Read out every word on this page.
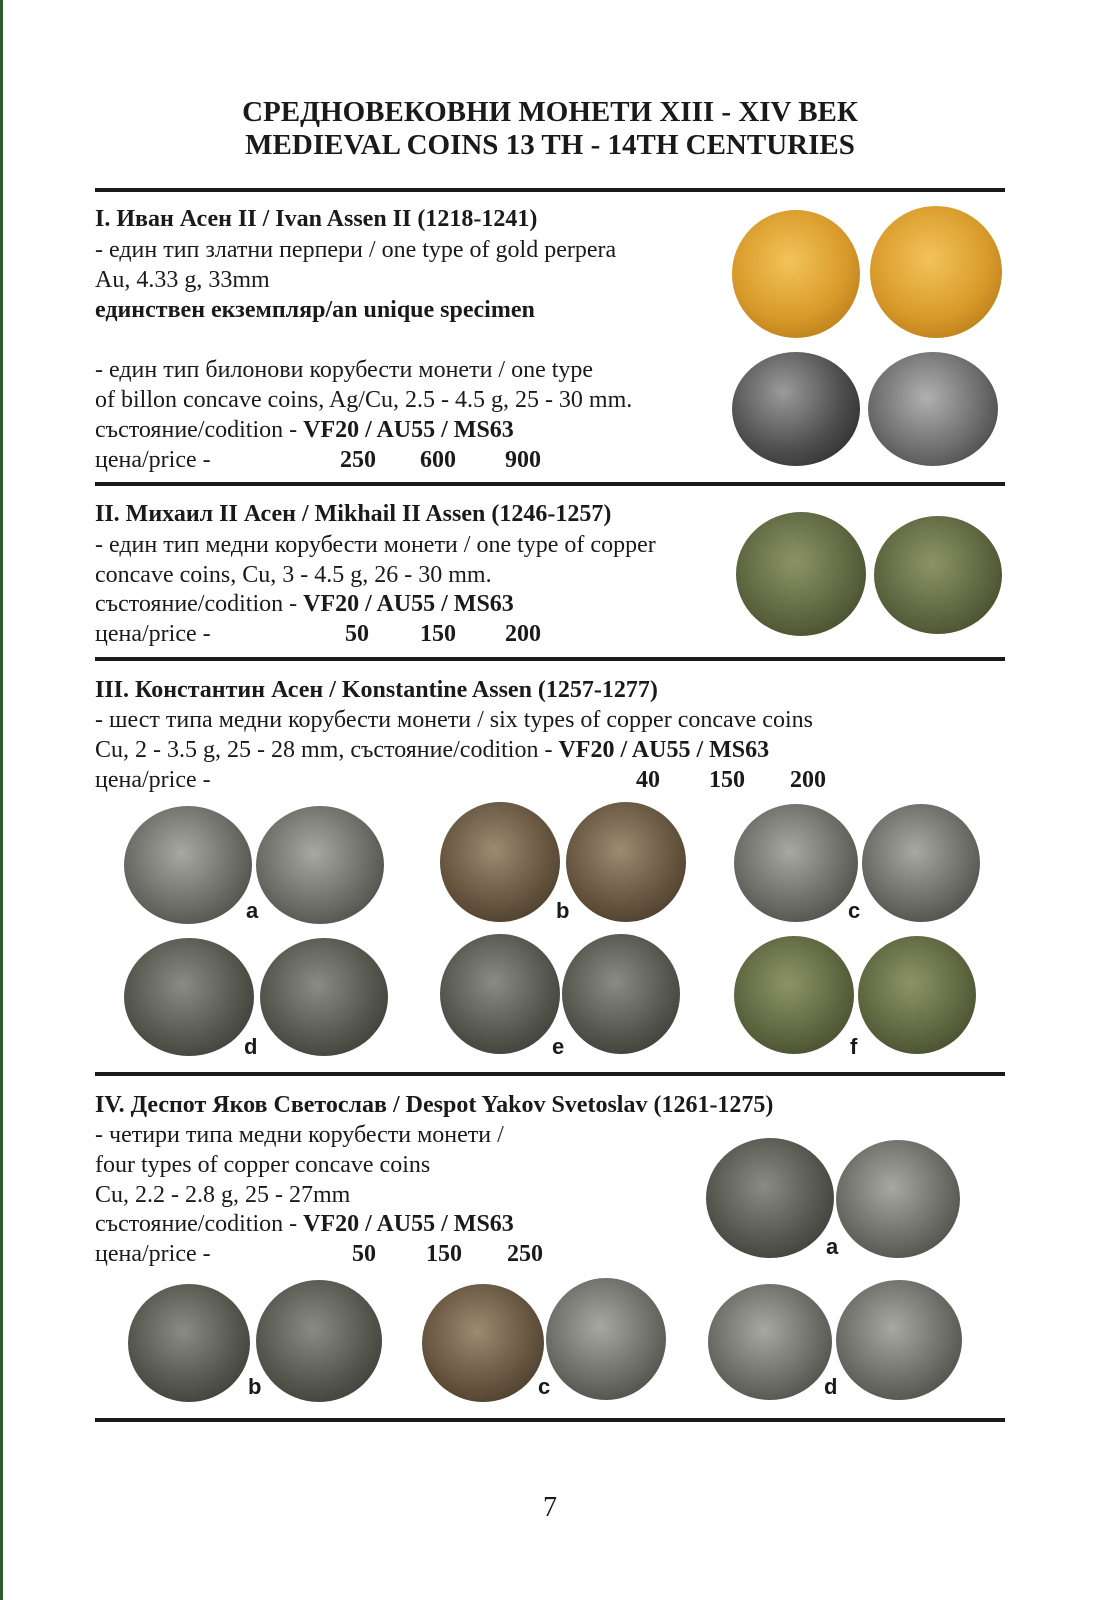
СРЕДНОВЕКОВНИ МОНЕТИ XIII - XIV ВЕК
MEDIEVAL COINS 13 TH - 14TH CENTURIES
I. Иван Асен II / Ivan Assen II (1218-1241)
- един тип златни перпери / one type of gold perpera
Au, 4.33 g, 33mm
единствен екземпляр/an unique specimen
- един тип билонови корубести монети / one type
of billon concave coins, Ag/Cu, 2.5 - 4.5 g, 25 - 30 mm.
състояние/codition - VF20 / AU55 / MS63
цена/price -	250 600 900
II. Михаил II Асен / Mikhail II Assen (1246-1257)
- един тип медни корубести монети / one type of copper
concave coins, Cu, 3 - 4.5 g, 26 - 30 mm.
състояние/codition - VF20 / AU55 / MS63
цена/price -	50 150 200
III. Константин Асен / Konstantine Assen (1257-1277)
- шест типа медни корубести монети / six types of copper concave coins
Cu, 2 - 3.5 g, 25 - 28 mm, състояние/codition - VF20 / AU55 / MS63
цена/price -	40 150 200
a	b	c
d	e	f
IV. Деспот Яков Светослав / Despot Yakov Svetoslav (1261-1275)
- четири типа медни корубести монети /
four types of copper concave coins
Cu, 2.2 - 2.8 g, 25 - 27mm
състояние/codition - VF20 / AU55 / MS63
цена/price -	50 150 250	a
b	c	d
7
